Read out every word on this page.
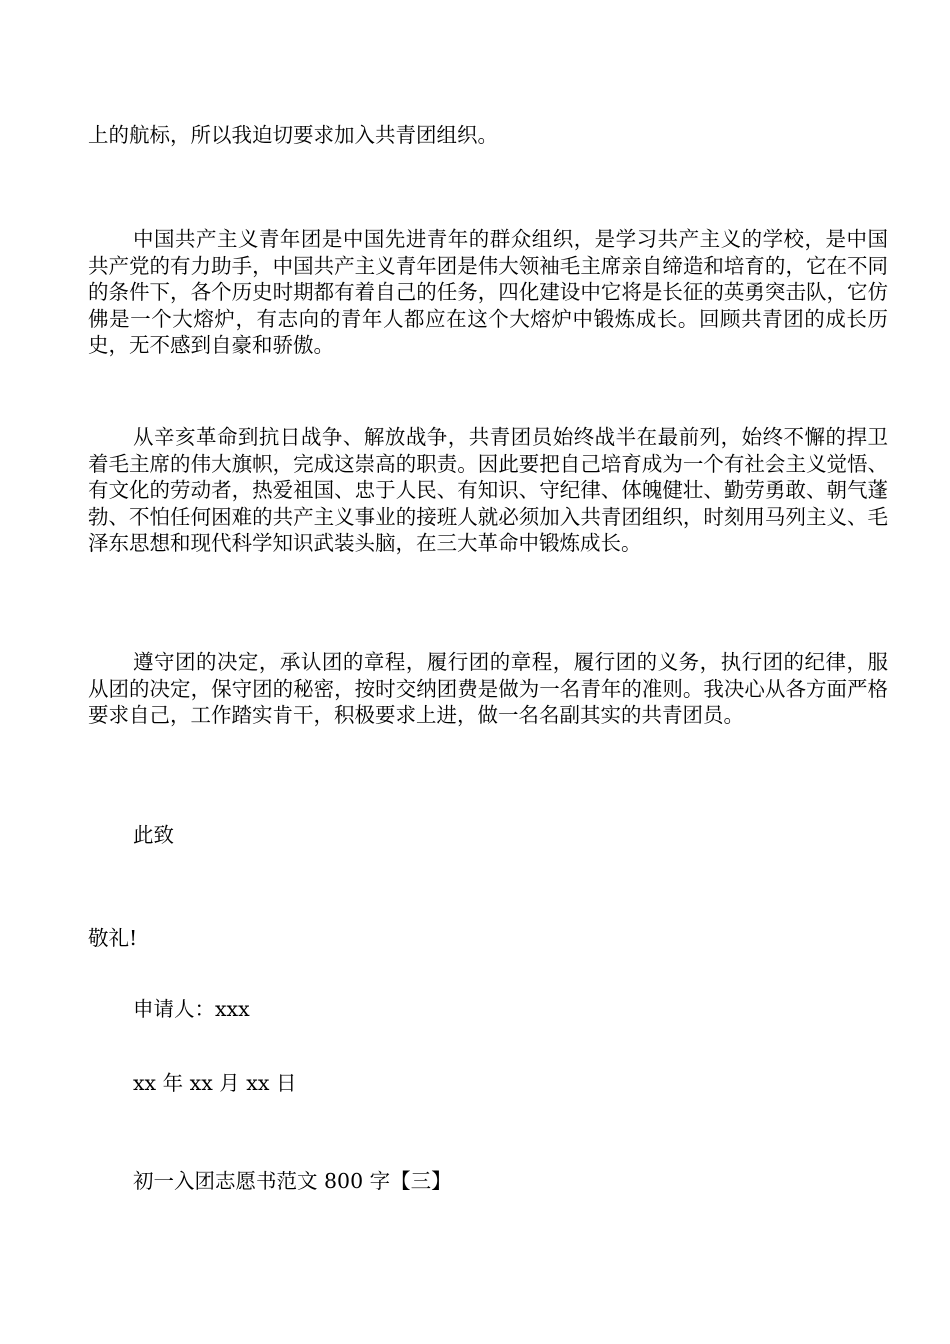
上的航标，所以我迫切要求加入共青团组织。

中国共产主义青年团是中国先进青年的群众组织，是学习共产主义的学校，是中国共产党的有力助手，中国共产主义青年团是伟大领袖毛主席亲自缔造和培育的，它在不同的条件下，各个历史时期都有着自己的任务，四化建设中它将是长征的英勇突击队，它仿佛是一个大熔炉，有志向的青年人都应在这个大熔炉中锻炼成长。回顾共青团的成长历史，无不感到自豪和骄傲。

从辛亥革命到抗日战争、解放战争，共青团员始终战半在最前列，始终不懈的捍卫着毛主席的伟大旗帜，完成这崇高的职责。因此要把自己培育成为一个有社会主义觉悟、有文化的劳动者，热爱祖国、忠于人民、有知识、守纪律、体魄健壮、勤劳勇敢、朝气蓬勃、不怕任何困难的共产主义事业的接班人就必须加入共青团组织，时刻用马列主义、毛泽东思想和现代科学知识武装头脑，在三大革命中锻炼成长。

遵守团的决定，承认团的章程，履行团的章程，履行团的义务，执行团的纪律，服从团的决定，保守团的秘密，按时交纳团费是做为一名青年的准则。我决心从各方面严格要求自己，工作踏实肯干，积极要求上进，做一名名副其实的共青团员。

此致

敬礼!

申请人：xxx

xx 年 xx 月 xx 日

初一入团志愿书范文 800 字【三】
